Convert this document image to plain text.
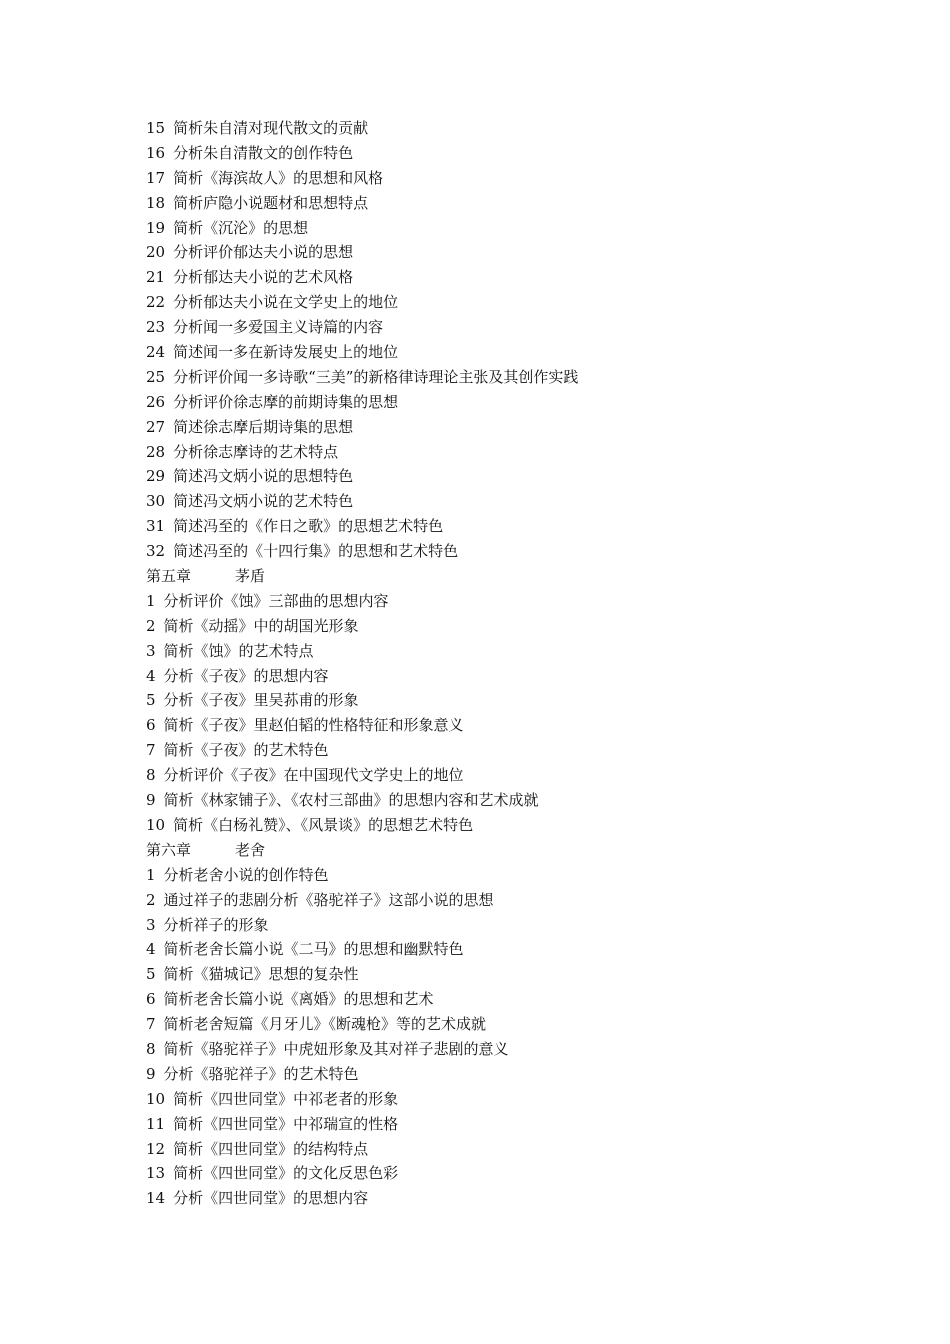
15 简析朱自清对现代散文的贡献
16 分析朱自清散文的创作特色
17 简析《海滨故人》的思想和风格
18 简析庐隐小说题材和思想特点
19 简析《沉沦》的思想
20 分析评价郁达夫小说的思想
21 分析郁达夫小说的艺术风格
22 分析郁达夫小说在文学史上的地位
23 分析闻一多爱国主义诗篇的内容
24 简述闻一多在新诗发展史上的地位
25 分析评价闻一多诗歌“三美”的新格律诗理论主张及其创作实践
26 分析评价徐志摩的前期诗集的思想
27 简述徐志摩后期诗集的思想
28 分析徐志摩诗的艺术特点
29 简述冯文炳小说的思想特色
30 简述冯文炳小说的艺术特色
31 简述冯至的《作日之歌》的思想艺术特色
32 简述冯至的《十四行集》的思想和艺术特色
第五章	茅盾
1 分析评价《蚀》三部曲的思想内容
2 简析《动摇》中的胡国光形象
3 简析《蚀》的艺术特点
4 分析《子夜》的思想内容
5 分析《子夜》里吴荪甫的形象
6 简析《子夜》里赵伯韬的性格特征和形象意义
7 简析《子夜》的艺术特色
8 分析评价《子夜》在中国现代文学史上的地位
9 简析《林家铺子》、《农村三部曲》的思想内容和艺术成就
10 简析《白杨礼赞》、《风景谈》的思想艺术特色
第六章	老舍
1 分析老舍小说的创作特色
2 通过祥子的悲剧分析《骆驼祥子》这部小说的思想
3 分析祥子的形象
4 简析老舍长篇小说《二马》的思想和幽默特色
5 简析《猫城记》思想的复杂性
6 简析老舍长篇小说《离婚》的思想和艺术
7 简析老舍短篇《月牙儿》《断魂枪》等的艺术成就
8 简析《骆驼祥子》中虎妞形象及其对祥子悲剧的意义
9 分析《骆驼祥子》的艺术特色
10 简析《四世同堂》中祁老者的形象
11 简析《四世同堂》中祁瑞宣的性格
12 简析《四世同堂》的结构特点
13 简析《四世同堂》的文化反思色彩
14 分析《四世同堂》的思想内容
